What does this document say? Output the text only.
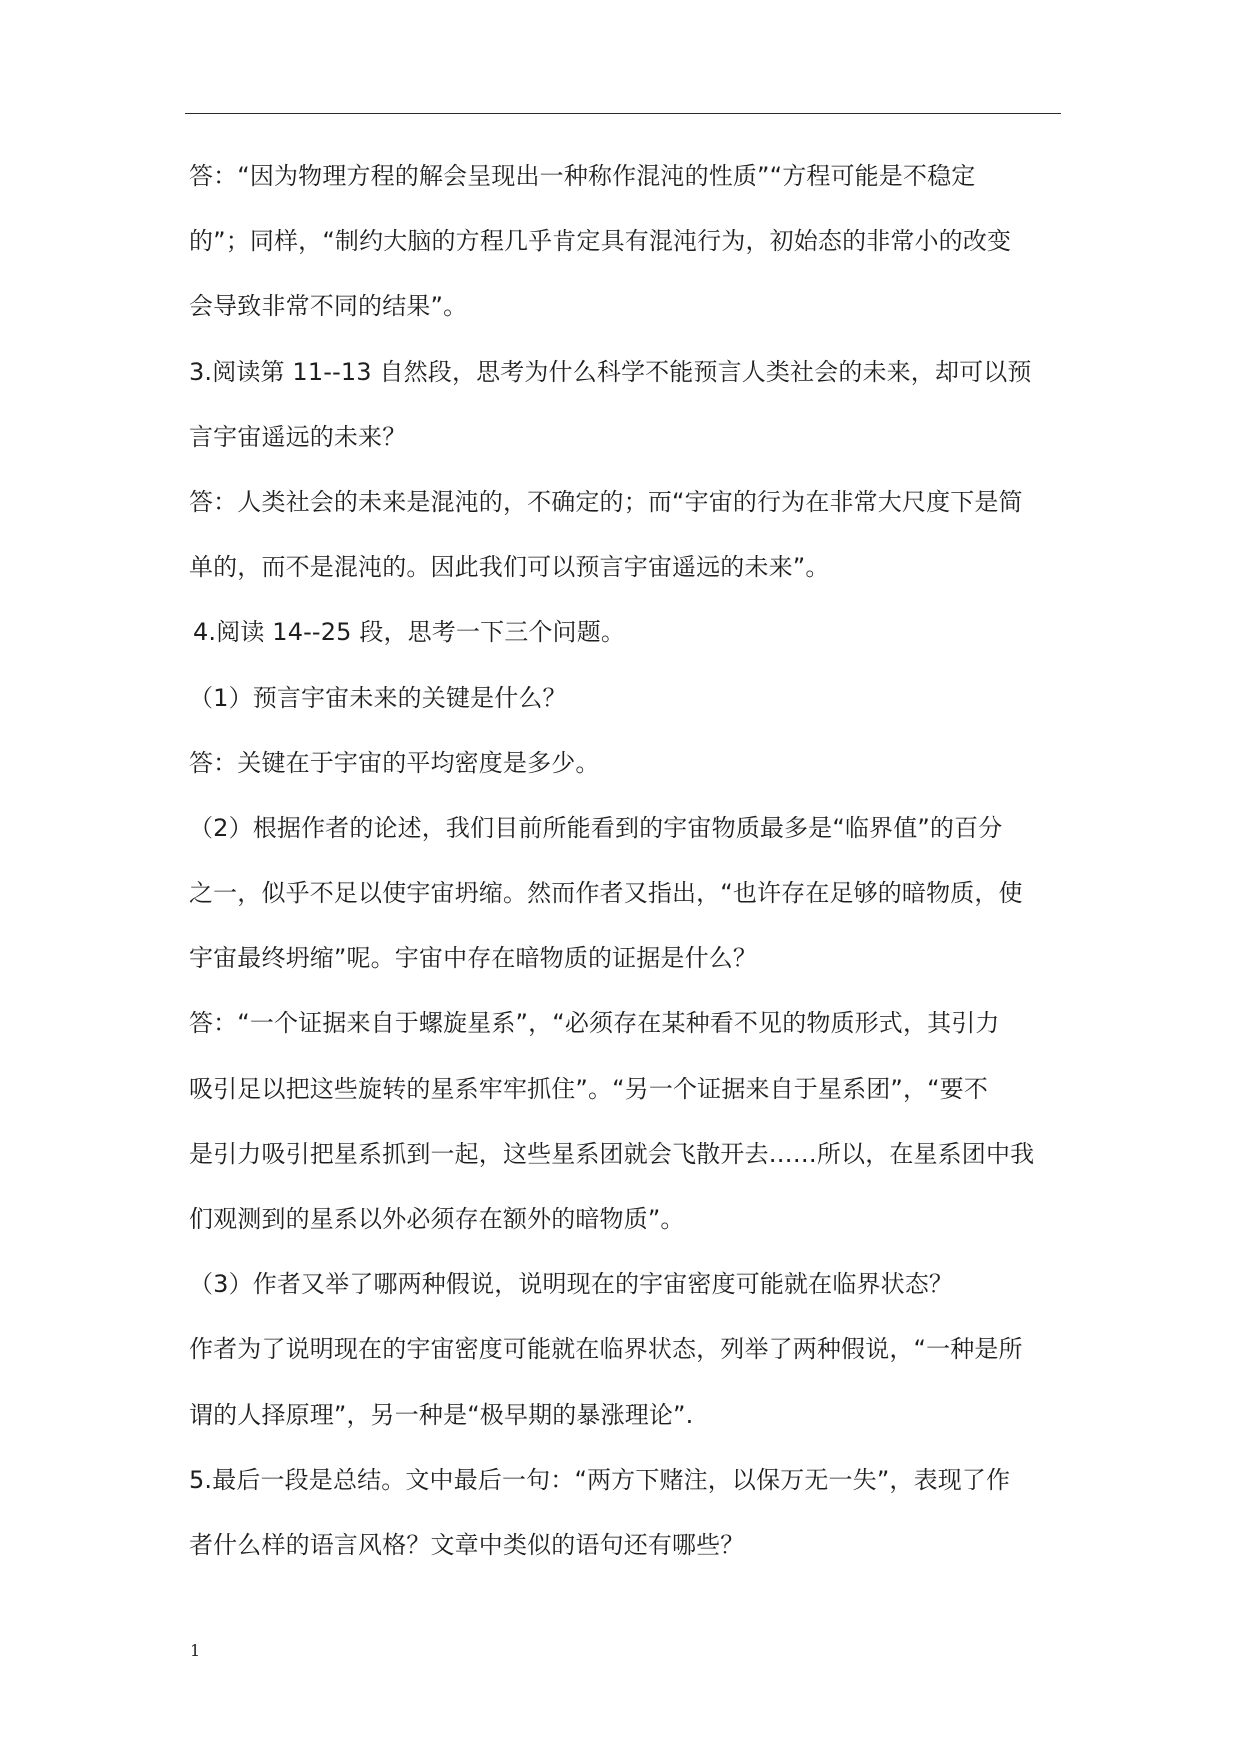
答：“因为物理方程的解会呈现出一种称作混沌的性质”“方程可能是不稳定
的”；同样，“制约大脑的方程几乎肯定具有混沌行为，初始态的非常小的改变
会导致非常不同的结果”。
3.阅读第 11--13 自然段，思考为什么科学不能预言人类社会的未来，却可以预
言宇宙遥远的未来？
答：人类社会的未来是混沌的，不确定的；而“宇宙的行为在非常大尺度下是简
单的，而不是混沌的。因此我们可以预言宇宙遥远的未来”。
4.阅读 14--25 段，思考一下三个问题。
（1）预言宇宙未来的关键是什么？
答：关键在于宇宙的平均密度是多少。
（2）根据作者的论述，我们目前所能看到的宇宙物质最多是“临界值”的百分
之一，似乎不足以使宇宙坍缩。然而作者又指出，“也许存在足够的暗物质，使
宇宙最终坍缩”呢。宇宙中存在暗物质的证据是什么？
答：“一个证据来自于螺旋星系”，“必须存在某种看不见的物质形式，其引力
吸引足以把这些旋转的星系牢牢抓住”。“另一个证据来自于星系团”，“要不
是引力吸引把星系抓到一起，这些星系团就会飞散开去……所以，在星系团中我
们观测到的星系以外必须存在额外的暗物质”。
（3）作者又举了哪两种假说，说明现在的宇宙密度可能就在临界状态？
作者为了说明现在的宇宙密度可能就在临界状态，列举了两种假说，“一种是所
谓的人择原理”，另一种是“极早期的暴涨理论”.
5.最后一段是总结。文中最后一句：“两方下赌注，以保万无一失”，表现了作
者什么样的语言风格？文章中类似的语句还有哪些？
1
